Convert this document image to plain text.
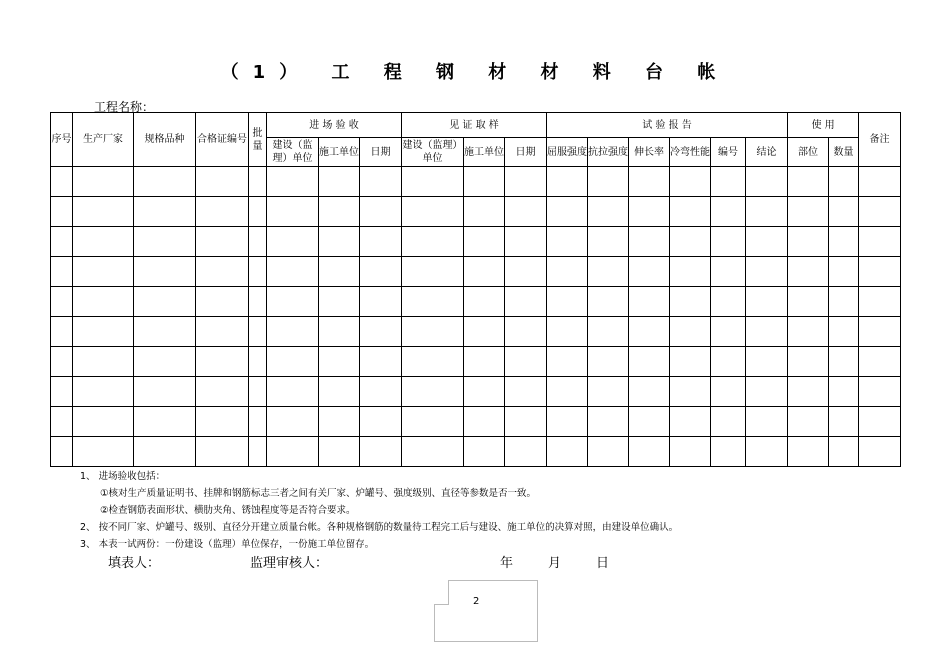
（1） 工 程 钢 材 材 料 台 帐
工程名称：
序号	生产厂家	规格品种	合格证编号	批量	进 场 验 收			见 证 取 样			试 验 报 告						使 用		备注
					建设（监理）单位	施工单位	日期	建设（监理）单位	施工单位	日期	屈服强度	抗拉强度	伸长率	冷弯性能	编号	结论	部位	数量	

1、 进场验收包括：
①核对生产质量证明书、挂牌和钢筋标志三者之间有关厂家、炉罐号、强度级别、直径等参数是否一致。
②检查钢筋表面形状、横肋夹角、锈蚀程度等是否符合要求。
2、 按不同厂家、炉罐号、级别、直径分开建立质量台帐。各种规格钢筋的数量待工程完工后与建设、施工单位的决算对照，由建设单位确认。
3、 本表一试两份：一份建设（监理）单位保存，一份施工单位留存。
填表人：	监理审核人：	年	月	日
2
